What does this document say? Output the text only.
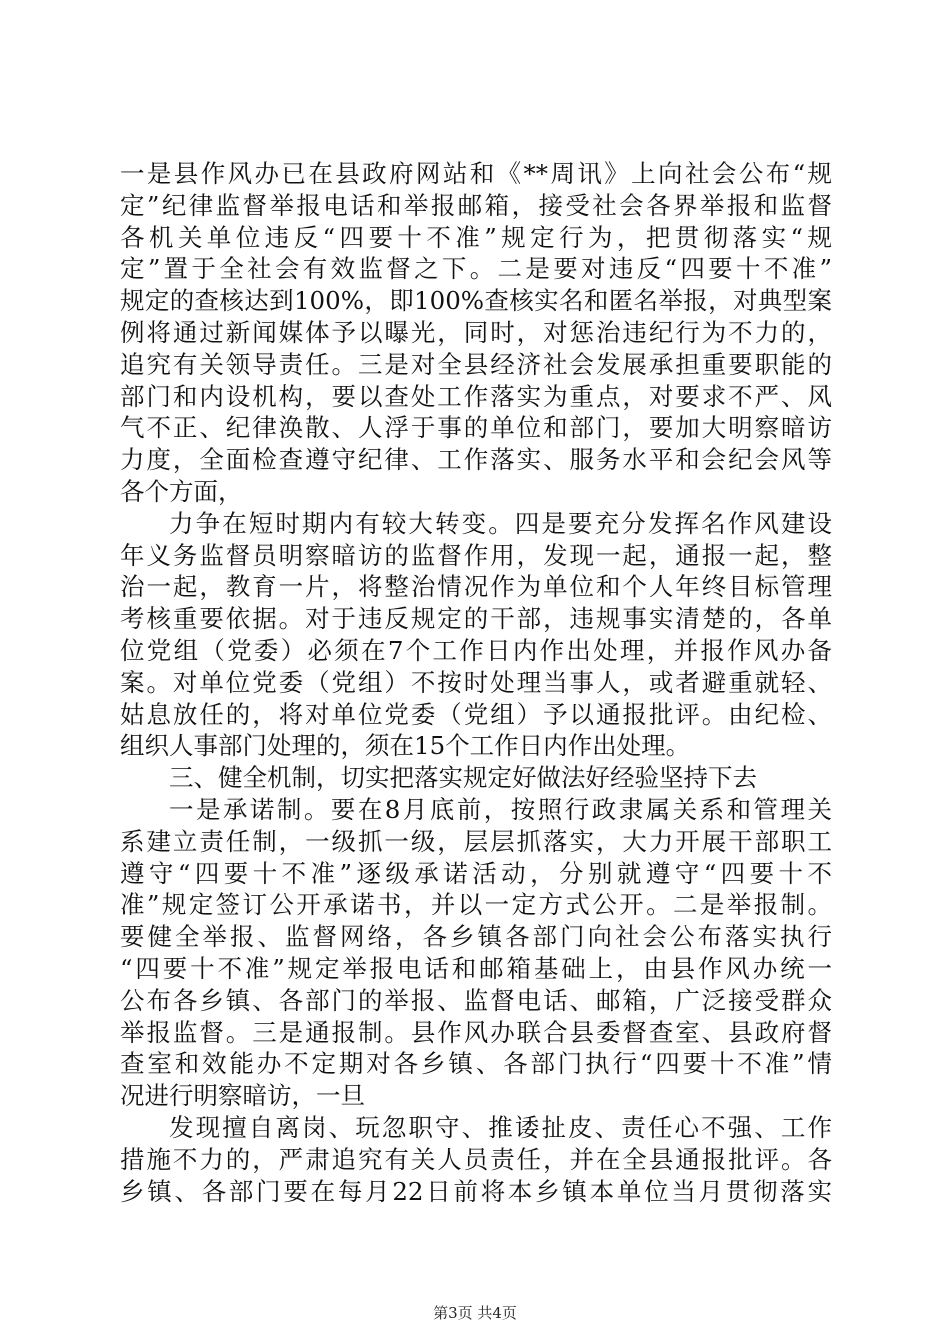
一是县作风办已在县政府网站和《**周讯》上向社会公布“规
定”纪律监督举报电话和举报邮箱，接受社会各界举报和监督
各机关单位违反“四要十不准”规定行为，把贯彻落实“规
定”置于全社会有效监督之下。二是要对违反“四要十不准”
规定的查核达到100%，即100%查核实名和匿名举报，对典型案
例将通过新闻媒体予以曝光，同时，对惩治违纪行为不力的，
追究有关领导责任。三是对全县经济社会发展承担重要职能的
部门和内设机构，要以查处工作落实为重点，对要求不严、风
气不正、纪律涣散、人浮于事的单位和部门，要加大明察暗访
力度，全面检查遵守纪律、工作落实、服务水平和会纪会风等
各个方面，
力争在短时期内有较大转变。四是要充分发挥名作风建设
年义务监督员明察暗访的监督作用，发现一起，通报一起，整
治一起，教育一片，将整治情况作为单位和个人年终目标管理
考核重要依据。对于违反规定的干部，违规事实清楚的，各单
位党组（党委）必须在7个工作日内作出处理，并报作风办备
案。对单位党委（党组）不按时处理当事人，或者避重就轻、
姑息放任的，将对单位党委（党组）予以通报批评。由纪检、
组织人事部门处理的，须在15个工作日内作出处理。
三、健全机制，切实把落实规定好做法好经验坚持下去
一是承诺制。要在8月底前，按照行政隶属关系和管理关
系建立责任制，一级抓一级，层层抓落实，大力开展干部职工
遵守“四要十不准”逐级承诺活动，分别就遵守“四要十不
准”规定签订公开承诺书，并以一定方式公开。二是举报制。
要健全举报、监督网络，各乡镇各部门向社会公布落实执行
“四要十不准”规定举报电话和邮箱基础上，由县作风办统一
公布各乡镇、各部门的举报、监督电话、邮箱，广泛接受群众
举报监督。三是通报制。县作风办联合县委督查室、县政府督
查室和效能办不定期对各乡镇、各部门执行“四要十不准”情
况进行明察暗访，一旦
发现擅自离岗、玩忽职守、推诿扯皮、责任心不强、工作
措施不力的，严肃追究有关人员责任，并在全县通报批评。各
乡镇、各部门要在每月22日前将本乡镇本单位当月贯彻落实
第3页 共4页
